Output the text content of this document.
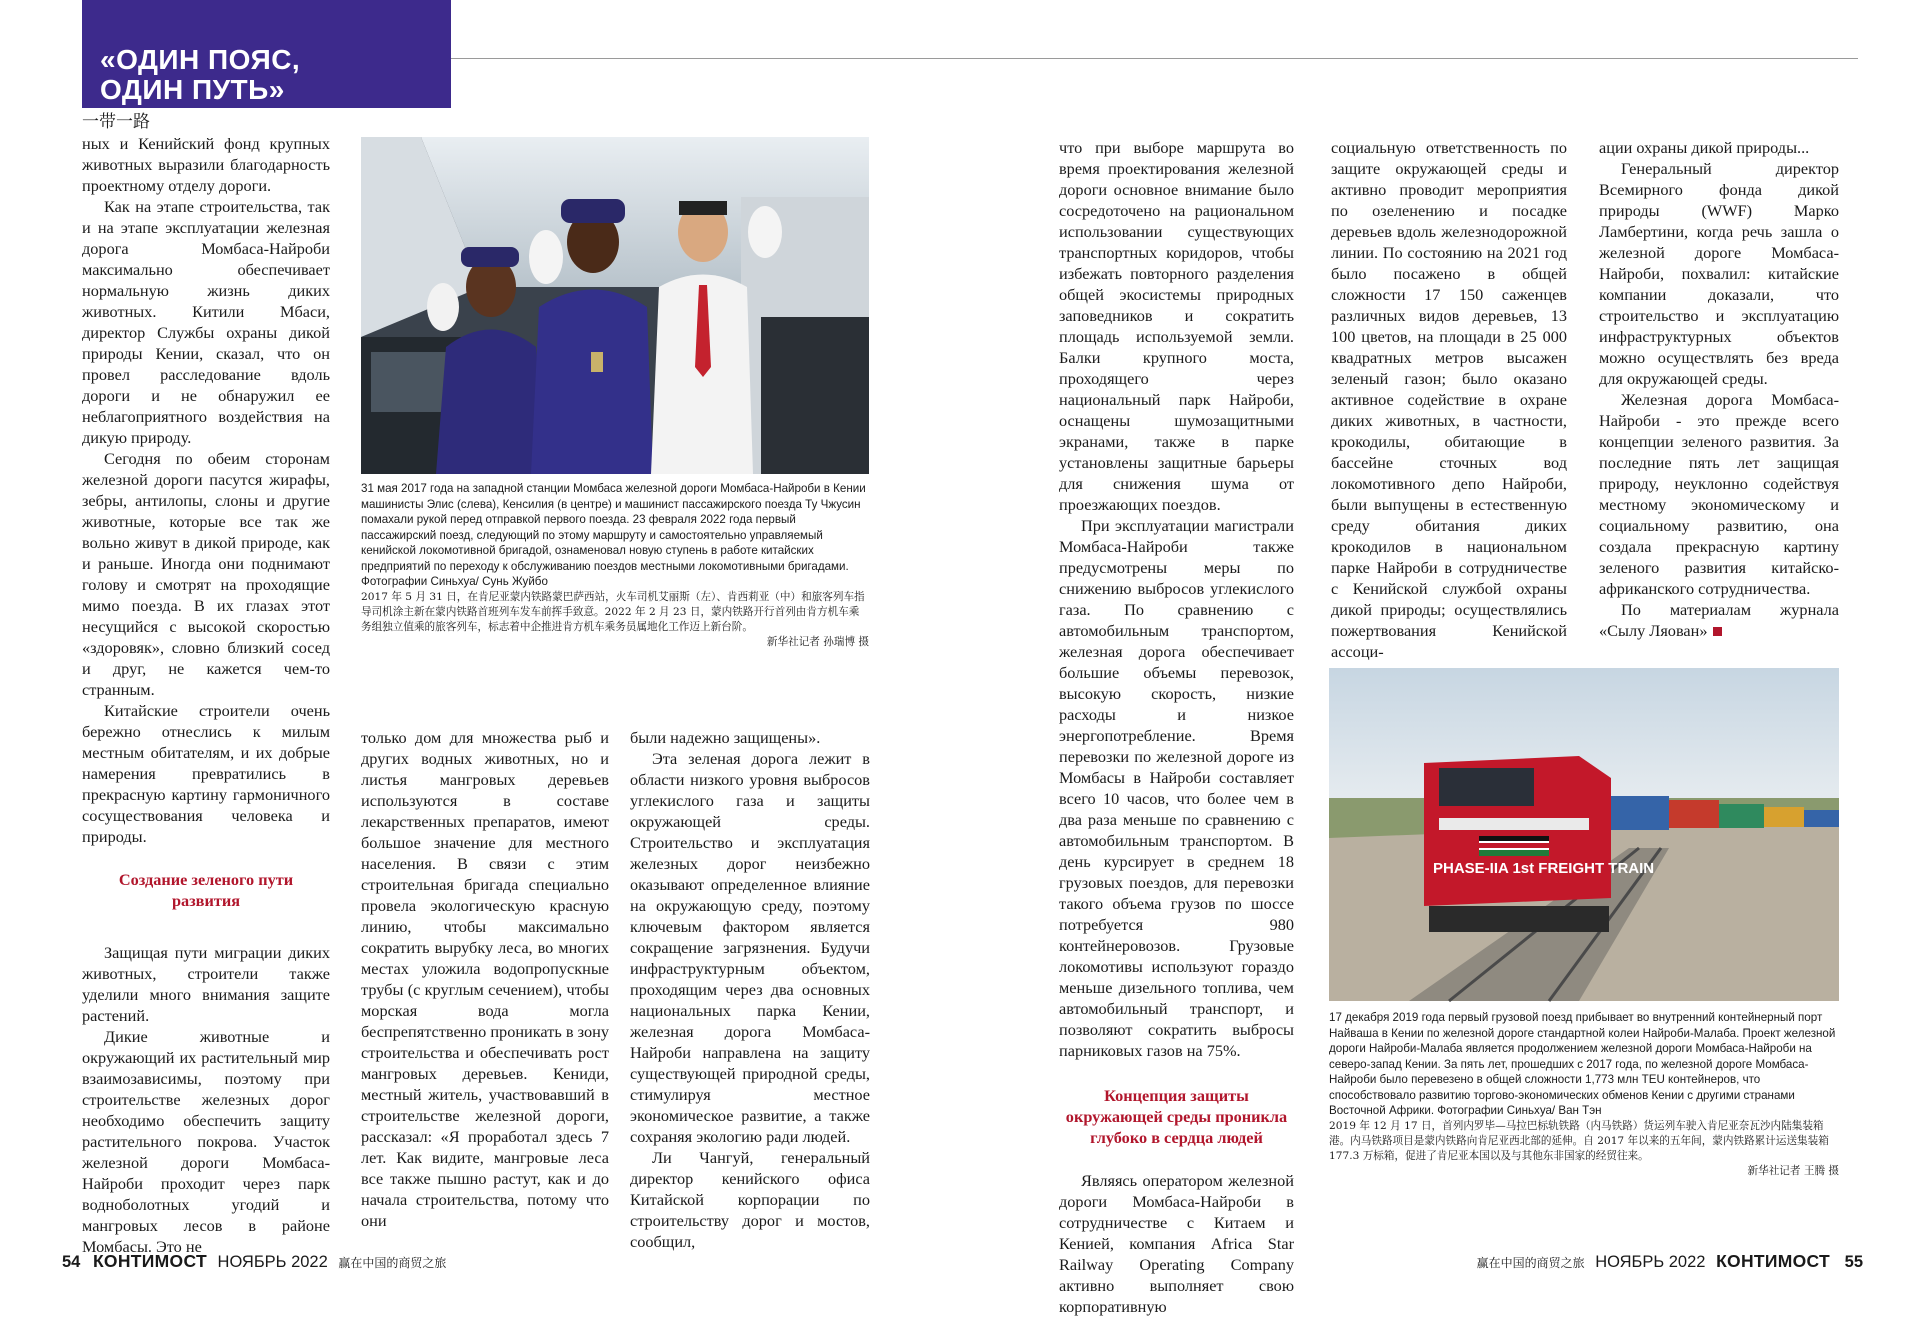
«ОДИН ПОЯС,
ОДИН ПУТЬ»
一带一路

ных и Кенийский фонд крупных животных выразили благодарность проектному отделу дороги.

Как на этапе строительства, так и на этапе эксплуатации железная дорога Момбаса-Найроби максимально обеспечивает нормальную жизнь диких животных. Китили Мбаси, директор Службы охраны дикой природы Кении, сказал, что он провел расследование вдоль дороги и не обнаружил ее неблагоприятного воздействия на дикую природу.

Сегодня по обеим сторонам железной дороги пасутся жирафы, зебры, антилопы, слоны и другие животные, которые все так же вольно живут в дикой природе, как и раньше. Иногда они поднимают голову и смотрят на проходящие мимо поезда. В их глазах этот несущийся с высокой скоростью «здоровяк», словно близкий сосед и друг, не кажется чем-то странным.

Китайские строители очень бережно отнеслись к милым местным обитателям, и их добрые намерения превратились в прекрасную картину гармоничного сосуществования человека и природы.

Создание зеленого пути развития

Защищая пути миграции диких животных, строители также уделили много внимания защите растений.

Дикие животные и окружающий их растительный мир взаимозависимы, поэтому при строительстве железных дорог необходимо обеспечить защиту растительного покрова. Участок железной дороги Момбаса-Найроби проходит через парк водноболотных угодий и мангровых лесов в районе Момбасы. Это не

31 мая 2017 года на западной станции Момбаса железной дороги Момбаса-Найроби в Кении машинисты Элис (слева), Кенсилия (в центре) и машинист пассажирского поезда Ту Чжусин помахали рукой перед отправкой первого поезда. 23 февраля 2022 года первый пассажирский поезд, следующий по этому маршруту и самостоятельно управляемый кенийской локомотивной бригадой, ознаменовал новую ступень в работе китайских предприятий по переходу к обслуживанию поездов местными локомотивными бригадами. Фотографии Синьхуа/ Сунь Жуйбо
2017 年 5 月 31 日，在肯尼亚蒙内铁路蒙巴萨西站，火车司机艾丽斯（左）、肯西莉亚（中）和旅客列车指导司机涂主新在蒙内铁路首班列车发车前挥手致意。2022 年 2 月 23 日，蒙内铁路开行首列由肯方机车乘务组独立值乘的旅客列车，标志着中企推进肯方机车乘务员属地化工作迈上新台阶。
新华社记者 孙瑞博 摄

только дом для множества рыб и других водных животных, но и листья мангровых деревьев используются в составе лекарственных препаратов, имеют большое значение для местного населения. В связи с этим строительная бригада специально провела экологическую красную линию, чтобы максимально сократить вырубку леса, во многих местах уложила водопропускные трубы (с круглым сечением), чтобы морская вода могла беспрепятственно проникать в зону строительства и обеспечивать рост мангровых деревьев. Кениди, местный житель, участвовавший в строительстве железной дороги, рассказал: «Я проработал здесь 7 лет. Как видите, мангровые леса все также пышно растут, как и до начала строительства, потому что они

были надежно защищены».

Эта зеленая дорога лежит в области низкого уровня выбросов углекислого газа и защиты окружающей среды. Строительство и эксплуатация железных дорог неизбежно оказывают определенное влияние на окружающую среду, поэтому ключевым фактором является сокращение загрязнения. Будучи инфраструктурным объектом, проходящим через два основных национальных парка Кении, железная дорога Момбаса-Найроби направлена на защиту существующей природной среды, стимулируя местное экономическое развитие, а также сохраняя экологию ради людей.

Ли Чангуй, генеральный директор кенийского офиса Китайской корпорации по строительству дорог и мостов, сообщил,

что при выборе маршрута во время проектирования железной дороги основное внимание было сосредоточено на рациональном использовании существующих транспортных коридоров, чтобы избежать повторного разделения общей экосистемы природных заповедников и сократить площадь используемой земли. Балки крупного моста, проходящего через национальный парк Найроби, оснащены шумозащитными экранами, также в парке установлены защитные барьеры для снижения шума от проезжающих поездов.

При эксплуатации магистрали Момбаса-Найроби также предусмотрены меры по снижению выбросов углекислого газа. По сравнению с автомобильным транспортом, железная дорога обеспечивает большие объемы перевозок, высокую скорость, низкие расходы и низкое энергопотребление. Время перевозки по железной дороге из Момбасы в Найроби составляет всего 10 часов, что более чем в два раза меньше по сравнению с автомобильным транспортом. В день курсирует в среднем 18 грузовых поездов, для перевозки такого объема грузов по шоссе потребуется 980 контейнеровозов. Грузовые локомотивы используют гораздо меньше дизельного топлива, чем автомобильный транспорт, и позволяют сократить выбросы парниковых газов на 75%.

Концепция защиты окружающей среды проникла глубоко в сердца людей

Являясь оператором железной дороги Момбаса-Найроби в сотрудничестве с Китаем и Кенией, компания Africa Star Railway Operating Company активно выполняет свою корпоративную

социальную ответственность по защите окружающей среды и активно проводит мероприятия по озеленению и посадке деревьев вдоль железнодорожной линии. По состоянию на 2021 год было посажено в общей сложности 17 150 саженцев различных видов деревьев, 13 100 цветов, на площади в 25 000 квадратных метров высажен зеленый газон; было оказано активное содействие в охране диких животных, в частности, крокодилы, обитающие в бассейне сточных вод локомотивного депо Найроби, были выпущены в естественную среду обитания диких крокодилов в национальном парке Найроби в сотрудничестве с Кенийской службой охраны дикой природы; осуществлялись пожертвования Кенийской ассоци-

ации охраны дикой природы...

Генеральный директор Всемирного фонда дикой природы (WWF) Марко Ламбертини, когда речь зашла о железной дороге Момбаса-Найроби, похвалил: китайские компании доказали, что строительство и эксплуатацию инфраструктурных объектов можно осуществлять без вреда для окружающей среды.

Железная дорога Момбаса-Найроби - это прежде всего концепции зеленого развития. За последние пять лет защищая природу, неуклонно содействуя местному экономическому и социальному развитию, она создала прекрасную картину зеленого развития китайско-африканского сотрудничества.

По материалам журнала «Сылу Ляован»

PHASE-IIA 1st FREIGHT TRAIN
17 декабря 2019 года первый грузовой поезд прибывает во внутренний контейнерный порт Найваша в Кении по железной дороге стандартной колеи Найроби-Малаба. Проект железной дороги Найроби-Малаба является продолжением железной дороги Момбаса-Найроби на северо-запад Кении. За пять лет, прошедших с 2017 года, по железной дороге Момбаса-Найроби было перевезено в общей сложности 1,773 млн TEU контейнеров, что способствовало развитию торгово-экономических обменов Кении с другими странами Восточной Африки. Фотографии Синьхуа/ Ван Тэн
2019 年 12 月 17 日，首列内罗毕—马拉巴标轨铁路（内马铁路）货运列车驶入肯尼亚奈瓦沙内陆集装箱港。内马铁路项目是蒙内铁路向肯尼亚西北部的延伸。自 2017 年以来的五年间，蒙内铁路累计运送集装箱 177.3 万标箱，促进了肯尼亚本国以及与其他东非国家的经贸往来。
新华社记者 王腾 摄
54 КОНТИМОСТ НОЯБРЬ 2022 赢在中国的商贸之旅	赢在中国的商贸之旅 НОЯБРЬ 2022 КОНТИМОСТ 55
